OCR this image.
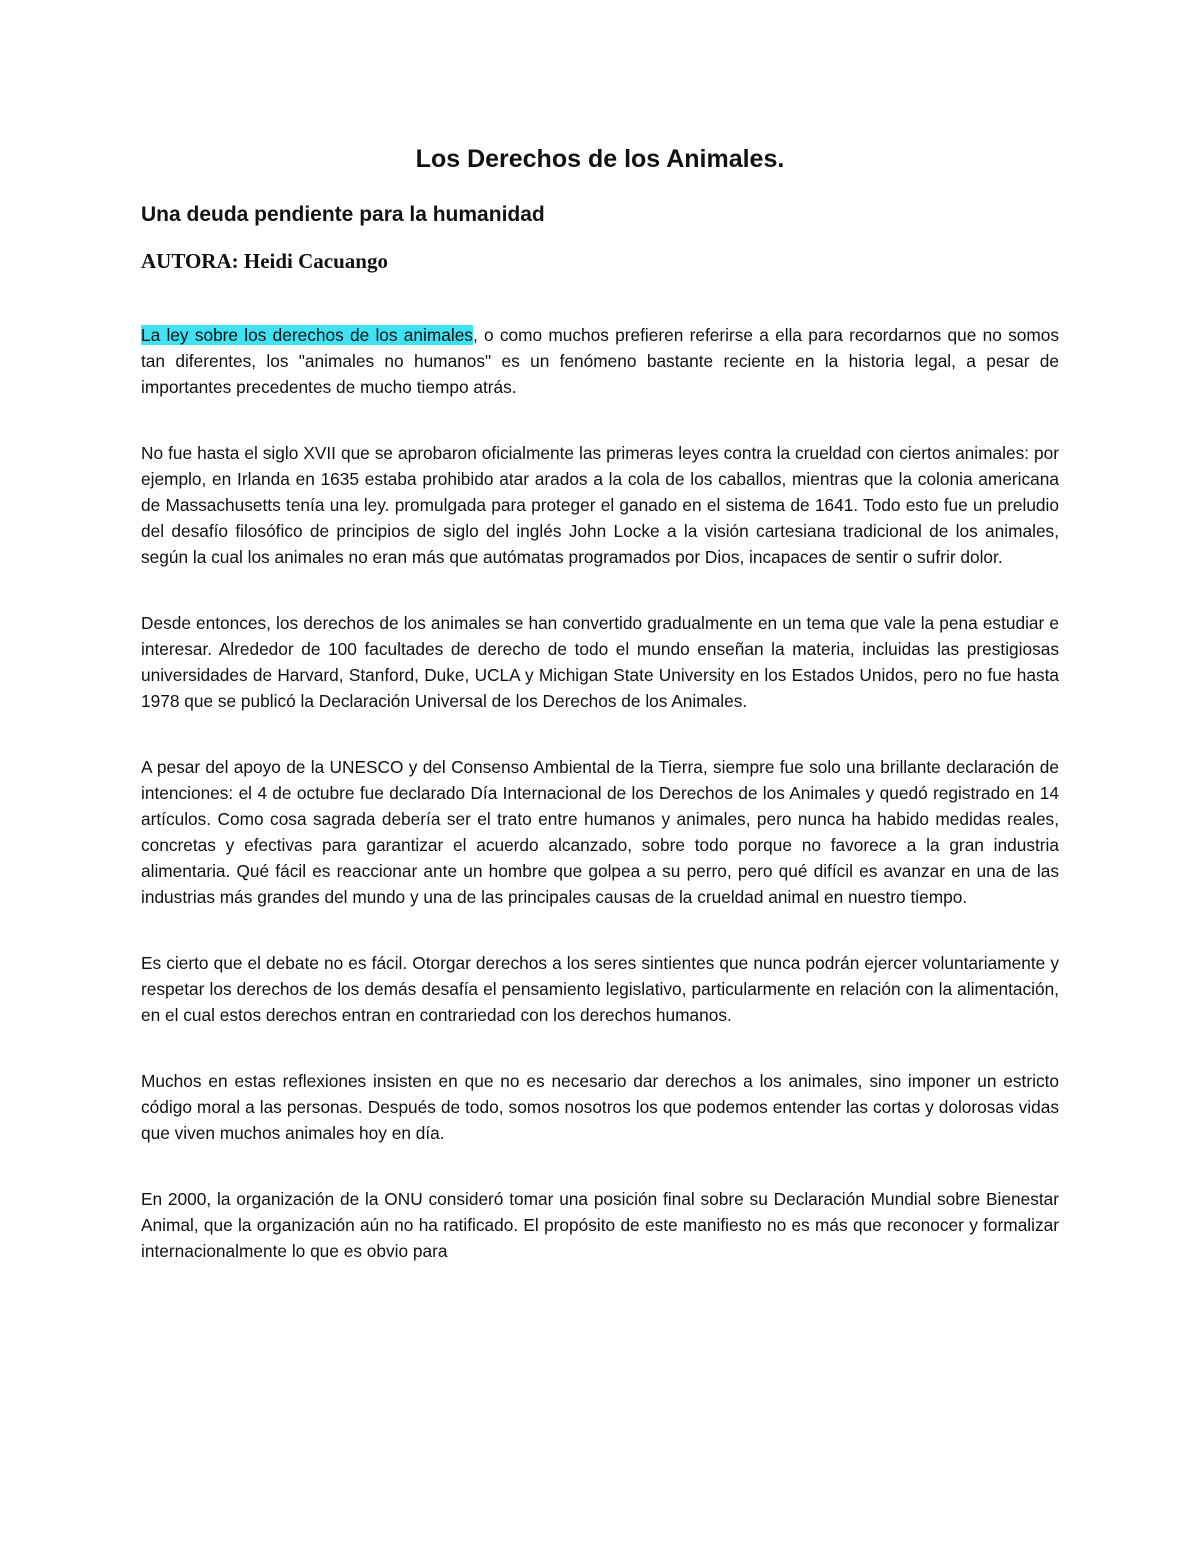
Los Derechos de los Animales.
Una deuda pendiente para la humanidad
AUTORA: Heidi Cacuango

La ley sobre los derechos de los animales, o como muchos prefieren referirse a ella para recordarnos que no somos tan diferentes, los "animales no humanos" es un fenómeno bastante reciente en la historia legal, a pesar de importantes precedentes de mucho tiempo atrás.

No fue hasta el siglo XVII que se aprobaron oficialmente las primeras leyes contra la crueldad con ciertos animales: por ejemplo, en Irlanda en 1635 estaba prohibido atar arados a la cola de los caballos, mientras que la colonia americana de Massachusetts tenía una ley. promulgada para proteger el ganado en el sistema de 1641. Todo esto fue un preludio del desafío filosófico de principios de siglo del inglés John Locke a la visión cartesiana tradicional de los animales, según la cual los animales no eran más que autómatas programados por Dios, incapaces de sentir o sufrir dolor.

Desde entonces, los derechos de los animales se han convertido gradualmente en un tema que vale la pena estudiar e interesar. Alrededor de 100 facultades de derecho de todo el mundo enseñan la materia, incluidas las prestigiosas universidades de Harvard, Stanford, Duke, UCLA y Michigan State University en los Estados Unidos, pero no fue hasta 1978 que se publicó la Declaración Universal de los Derechos de los Animales.

A pesar del apoyo de la UNESCO y del Consenso Ambiental de la Tierra, siempre fue solo una brillante declaración de intenciones: el 4 de octubre fue declarado Día Internacional de los Derechos de los Animales y quedó registrado en 14 artículos. Como cosa sagrada debería ser el trato entre humanos y animales, pero nunca ha habido medidas reales, concretas y efectivas para garantizar el acuerdo alcanzado, sobre todo porque no favorece a la gran industria alimentaria. Qué fácil es reaccionar ante un hombre que golpea a su perro, pero qué difícil es avanzar en una de las industrias más grandes del mundo y una de las principales causas de la crueldad animal en nuestro tiempo.

Es cierto que el debate no es fácil. Otorgar derechos a los seres sintientes que nunca podrán ejercer voluntariamente y respetar los derechos de los demás desafía el pensamiento legislativo, particularmente en relación con la alimentación, en el cual estos derechos entran en contrariedad con los derechos humanos.

Muchos en estas reflexiones insisten en que no es necesario dar derechos a los animales, sino imponer un estricto código moral a las personas. Después de todo, somos nosotros los que podemos entender las cortas y dolorosas vidas que viven muchos animales hoy en día.

En 2000, la organización de la ONU consideró tomar una posición final sobre su Declaración Mundial sobre Bienestar Animal, que la organización aún no ha ratificado. El propósito de este manifiesto no es más que reconocer y formalizar internacionalmente lo que es obvio para
